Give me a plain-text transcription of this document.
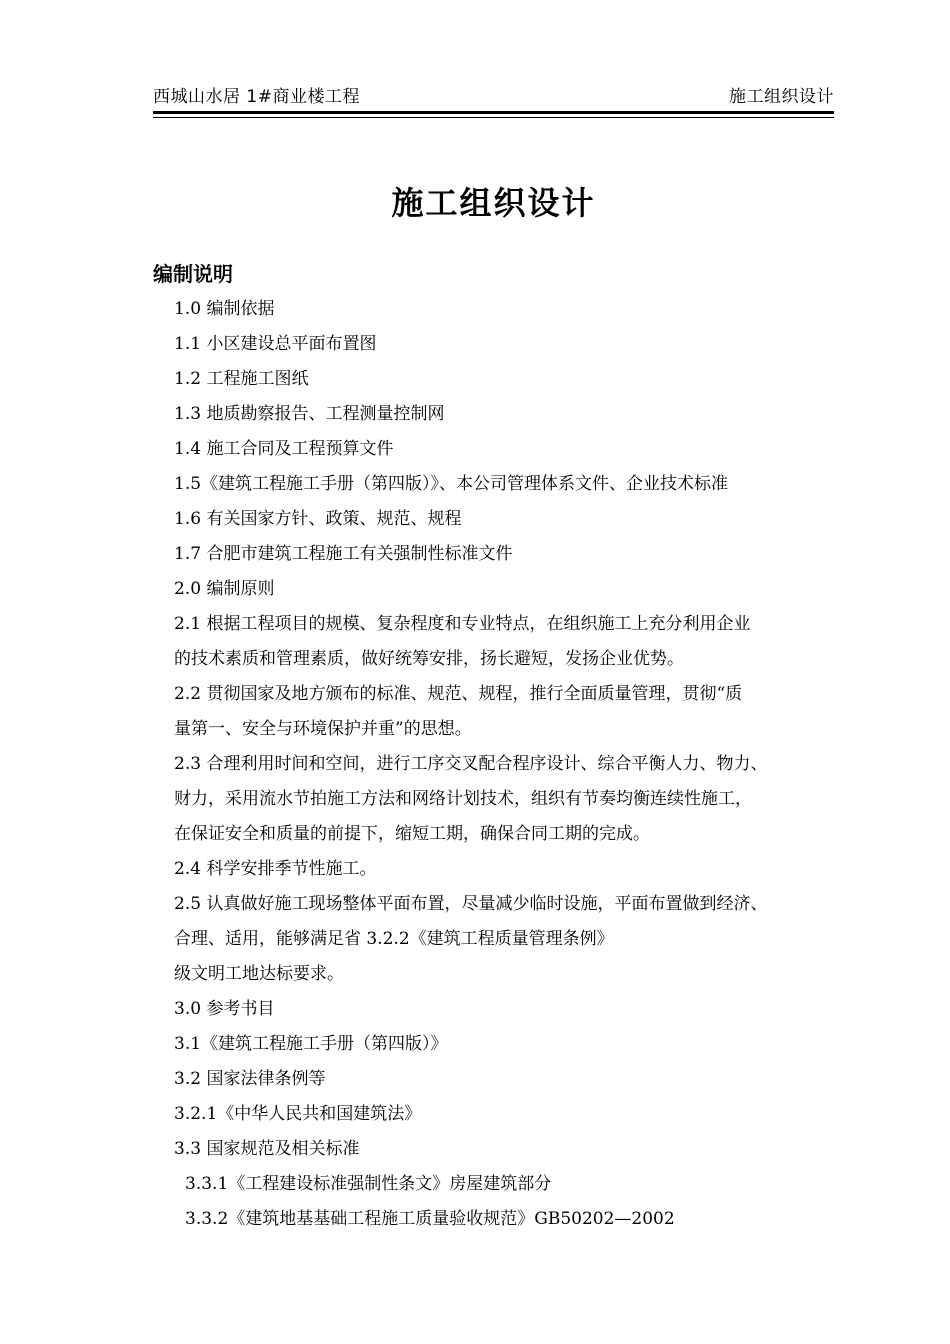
西城山水居 1#商业楼工程	施工组织设计
施工组织设计
编制说明
1.0 编制依据
1.1 小区建设总平面布置图
1.2 工程施工图纸
1.3 地质勘察报告、工程测量控制网
1.4 施工合同及工程预算文件
1.5《建筑工程施工手册（第四版）》、本公司管理体系文件、企业技术标准
1.6 有关国家方针、政策、规范、规程
1.7 合肥市建筑工程施工有关强制性标准文件
2.0 编制原则
2.1 根据工程项目的规模、复杂程度和专业特点，在组织施工上充分利用企业
的技术素质和管理素质，做好统筹安排，扬长避短，发扬企业优势。
2.2 贯彻国家及地方颁布的标准、规范、规程，推行全面质量管理，贯彻“质
量第一、安全与环境保护并重”的思想。
2.3 合理利用时间和空间，进行工序交叉配合程序设计、综合平衡人力、物力、
财力，采用流水节拍施工方法和网络计划技术，组织有节奏均衡连续性施工，
在保证安全和质量的前提下，缩短工期，确保合同工期的完成。
2.4 科学安排季节性施工。
2.5 认真做好施工现场整体平面布置，尽量减少临时设施，平面布置做到经济、
合理、适用，能够满足省 3.2.2《建筑工程质量管理条例》
级文明工地达标要求。
3.0 参考书目
3.1《建筑工程施工手册（第四版）》
3.2 国家法律条例等
3.2.1《中华人民共和国建筑法》
3.3 国家规范及相关标准
3.3.1《工程建设标准强制性条文》房屋建筑部分
3.3.2《建筑地基基础工程施工质量验收规范》GB50202—2002
